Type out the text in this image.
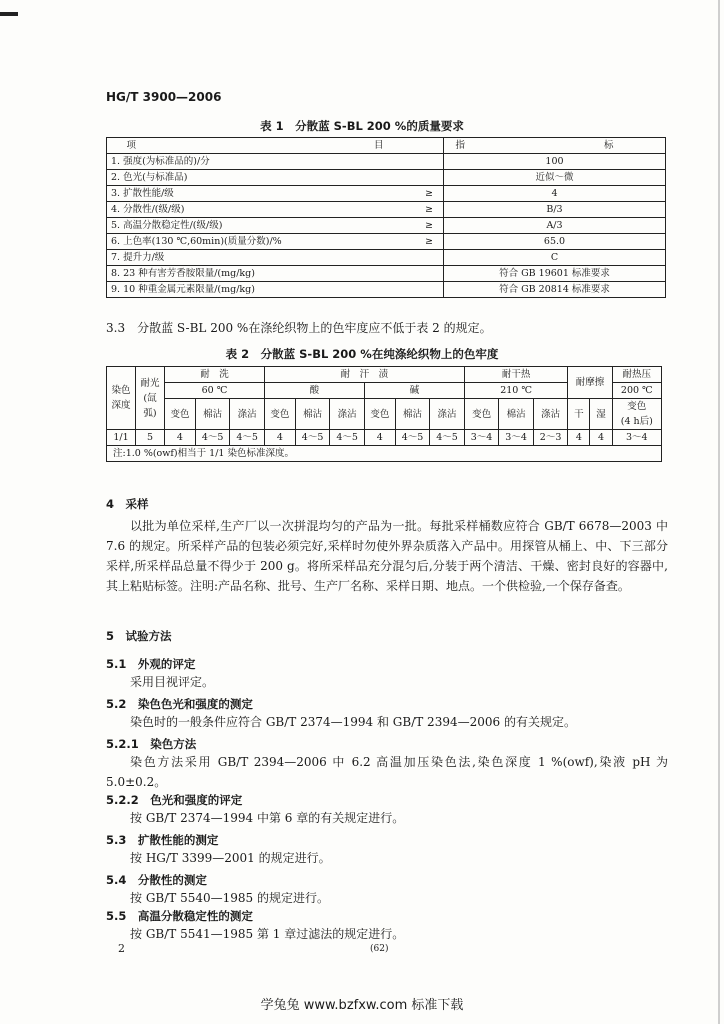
HG/T 3900—2006
表 1　分散蓝 S-BL 200 %的质量要求
项　　　　目		指　　标
1. 强度(为标准品的)/分		100
2. 色光(与标准品)		近似～微
3. 扩散性能/级	≥	4
4. 分散性/(级/级)	≥	B/3
5. 高温分散稳定性/(级/级)	≥	A/3
6. 上色率(130 ℃,60min)(质量分数)/%	≥	65.0
7. 提升力/级		C
8. 23 种有害芳香胺限量/(mg/kg)		符合 GB 19601 标准要求
9. 10 种重金属元素限量/(mg/kg)		符合 GB 20814 标准要求
3.3　分散蓝 S-BL 200 %在涤纶织物上的色牢度应不低于表 2 的规定。
表 2　分散蓝 S-BL 200 %在纯涤纶织物上的色牢度
染色深度	耐光(氙弧)	耐　洗			耐　汗　渍						耐干热			耐摩擦		耐热压
		60 ℃			酸			碱			210 ℃					200 ℃
		变色	棉沾	涤沾	变色	棉沾	涤沾	变色	棉沾	涤沾	变色	棉沾	涤沾	干	湿	变色
(4 h后)

1/1	5	4	4～5	4～5	4	4～5	4～5	4	4～5	4～5	3～4	3～4	2～3	4	4	3～4
注:1.0 %(owf)相当于 1/1 染色标准深度。																
4　采样
以批为单位采样,生产厂以一次拼混均匀的产品为一批。每批采样桶数应符合 GB/T 6678—2003 中 7.6 的规定。所采样产品的包装必须完好,采样时勿使外界杂质落入产品中。用探管从桶上、中、下三部分采样,所采样品总量不得少于 200 g。将所采样品充分混匀后,分装于两个清洁、干燥、密封良好的容器中,其上粘贴标签。注明:产品名称、批号、生产厂名称、采样日期、地点。一个供检验,一个保存备查。
5　试验方法
5.1　外观的评定
采用目视评定。
5.2　染色色光和强度的测定
染色时的一般条件应符合 GB/T 2374—1994 和 GB/T 2394—2006 的有关规定。
5.2.1　染色方法
染色方法采用 GB/T 2394—2006 中 6.2 高温加压染色法,染色深度 1 %(owf),染液 pH 为 5.0±0.2。
5.2.2　色光和强度的评定
按 GB/T 2374—1994 中第 6 章的有关规定进行。
5.3　扩散性能的测定
按 HG/T 3399—2001 的规定进行。
5.4　分散性的测定
按 GB/T 5540—1985 的规定进行。
5.5　高温分散稳定性的测定
按 GB/T 5541—1985 第 1 章过滤法的规定进行。
2	(62)
学兔兔 www.bzfxw.com 标准下载
